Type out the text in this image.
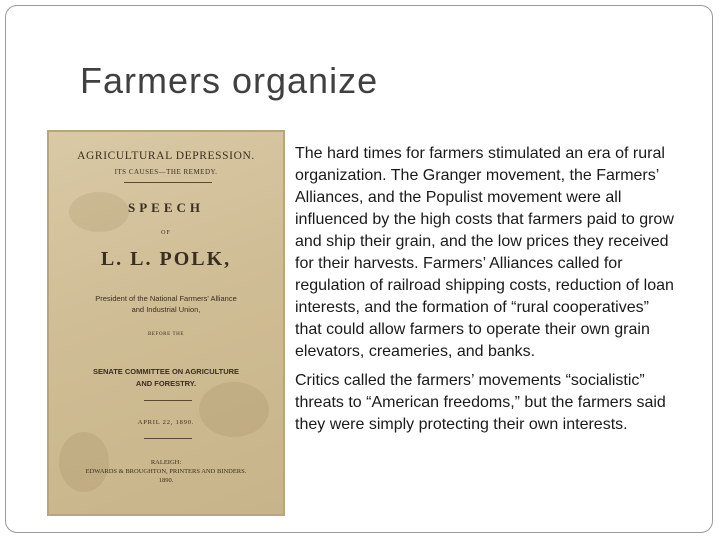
Farmers organize
AGRICULTURAL DEPRESSION.
ITS CAUSES—THE REMEDY.
SPEECH
OF
L. L. POLK,
President of the National Farmers' Alliance
and Industrial Union,
BEFORE THE
SENATE COMMITTEE ON AGRICULTURE
AND FORESTRY.
APRIL 22, 1890.
RALEIGH:
EDWARDS & BROUGHTON, PRINTERS AND BINDERS.
1890.

The hard times for farmers stimulated an era of rural organization. The Granger movement, the Farmers’ Alliances, and the Populist movement were all influenced by the high costs that farmers paid to grow and ship their grain, and the low prices they received for their harvests. Farmers’ Alliances called for regulation of railroad shipping costs, reduction of loan interests, and the formation of “rural cooperatives” that could allow farmers to operate their own grain elevators, creameries, and banks.

Critics called the farmers’ movements “socialistic” threats to “American freedoms,” but the farmers said they were simply protecting their own interests.
